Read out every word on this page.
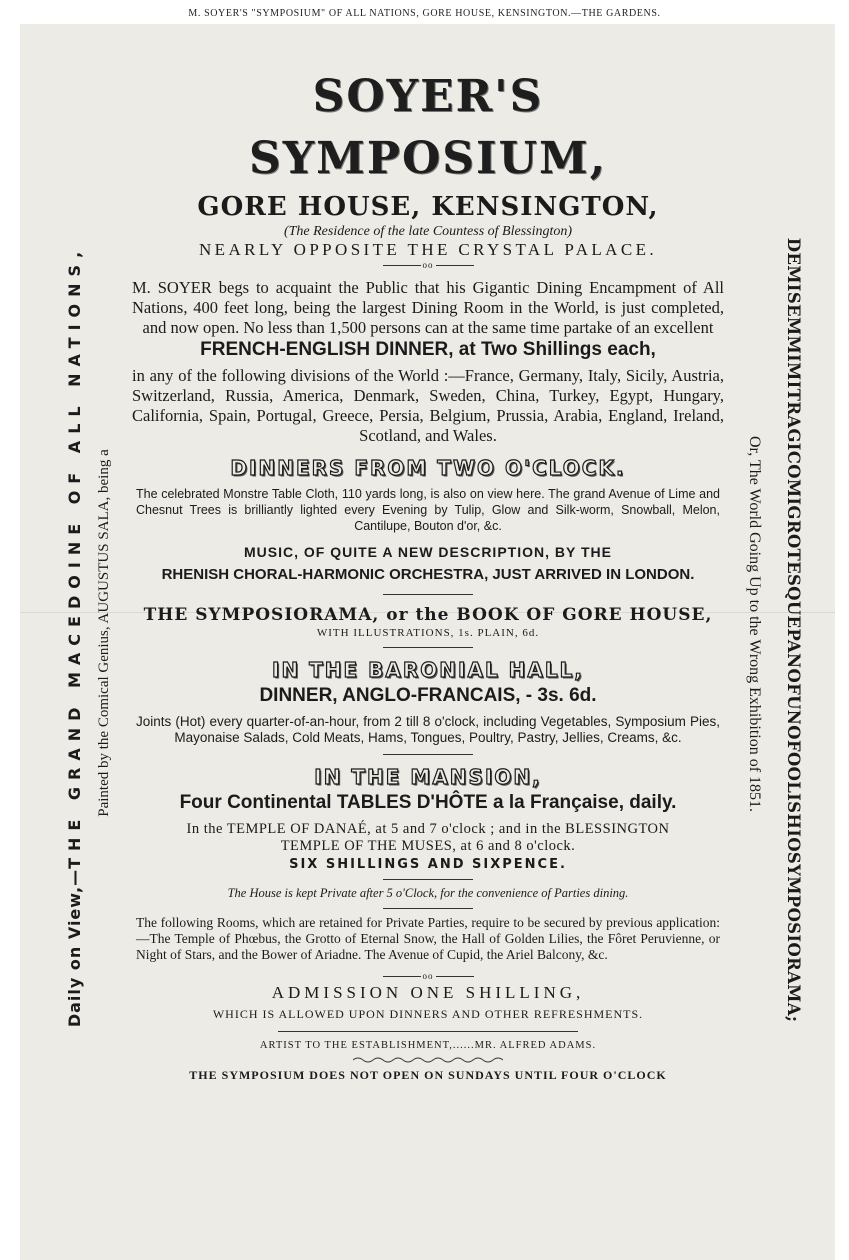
M. SOYER'S "SYMPOSIUM" OF ALL NATIONS, GORE HOUSE, KENSINGTON.—THE GARDENS.

SOYER'S SYMPOSIUM,

GORE HOUSE, KENSINGTON,

(The Residence of the late Countess of Blessington)

NEARLY OPPOSITE THE CRYSTAL PALACE.

oo

M. SOYER begs to acquaint the Public that his Gigantic Dining Encampment of All Nations, 400 feet long, being the largest Dining Room in the World, is just completed, and now open. No less than 1,500 persons can at the same time partake of an excellent

FRENCH-ENGLISH DINNER, at Two Shillings each,

in any of the following divisions of the World :—France, Germany, Italy, Sicily, Austria, Switzerland, Russia, America, Denmark, Sweden, China, Turkey, Egypt, Hungary, California, Spain, Portugal, Greece, Persia, Belgium, Prussia, Arabia, England, Ireland, Scotland, and Wales.

DINNERS FROM TWO O'CLOCK.

The celebrated Monstre Table Cloth, 110 yards long, is also on view here. The grand Avenue of Lime and Chesnut Trees is brilliantly lighted every Evening by Tulip, Glow and Silk-worm, Snowball, Melon, Cantilupe, Bouton d'or, &c.

MUSIC, OF QUITE A NEW DESCRIPTION, BY THE

RHENISH CHORAL-HARMONIC ORCHESTRA, JUST ARRIVED IN LONDON.

THE SYMPOSIORAMA, or the BOOK OF GORE HOUSE,

WITH ILLUSTRATIONS, 1s. PLAIN, 6d.

IN THE BARONIAL HALL,

DINNER, ANGLO-FRANCAIS, - 3s. 6d.

Joints (Hot) every quarter-of-an-hour, from 2 till 8 o'clock, including Vegetables, Symposium Pies, Mayonaise Salads, Cold Meats, Hams, Tongues, Poultry, Pastry, Jellies, Creams, &c.

IN THE MANSION,

Four Continental TABLES D'HÔTE a la Française, daily.

In the TEMPLE OF DANAÉ, at 5 and 7 o'clock ; and in the BLESSINGTON

TEMPLE OF THE MUSES, at 6 and 8 o'clock.

SIX SHILLINGS AND SIXPENCE.

The House is kept Private after 5 o'Clock, for the convenience of Parties dining.

The following Rooms, which are retained for Private Parties, require to be secured by previous application:—The Temple of Phœbus, the Grotto of Eternal Snow, the Hall of Golden Lilies, the Fôret Peruvienne, or Night of Stars, and the Bower of Ariadne. The Avenue of Cupid, the Ariel Balcony, &c.

oo

ADMISSION ONE SHILLING,

WHICH IS ALLOWED UPON DINNERS AND OTHER REFRESHMENTS.

ARTIST TO THE ESTABLISHMENT,......MR. ALFRED ADAMS.

THE SYMPOSIUM DOES NOT OPEN ON SUNDAYS UNTIL FOUR O'CLOCK

Daily on View,—THE GRAND MACEDOINE OF ALL NATIONS, Painted by the Comical Genius, AUGUSTUS SALA, being a	DEMISEMMIMITRAGICOMIGROTESQUEPANOFUNOFOOLISHIOSYMPOSIORAMA;
Or, The World Going Up to the Wrong Exhibition of 1851.
